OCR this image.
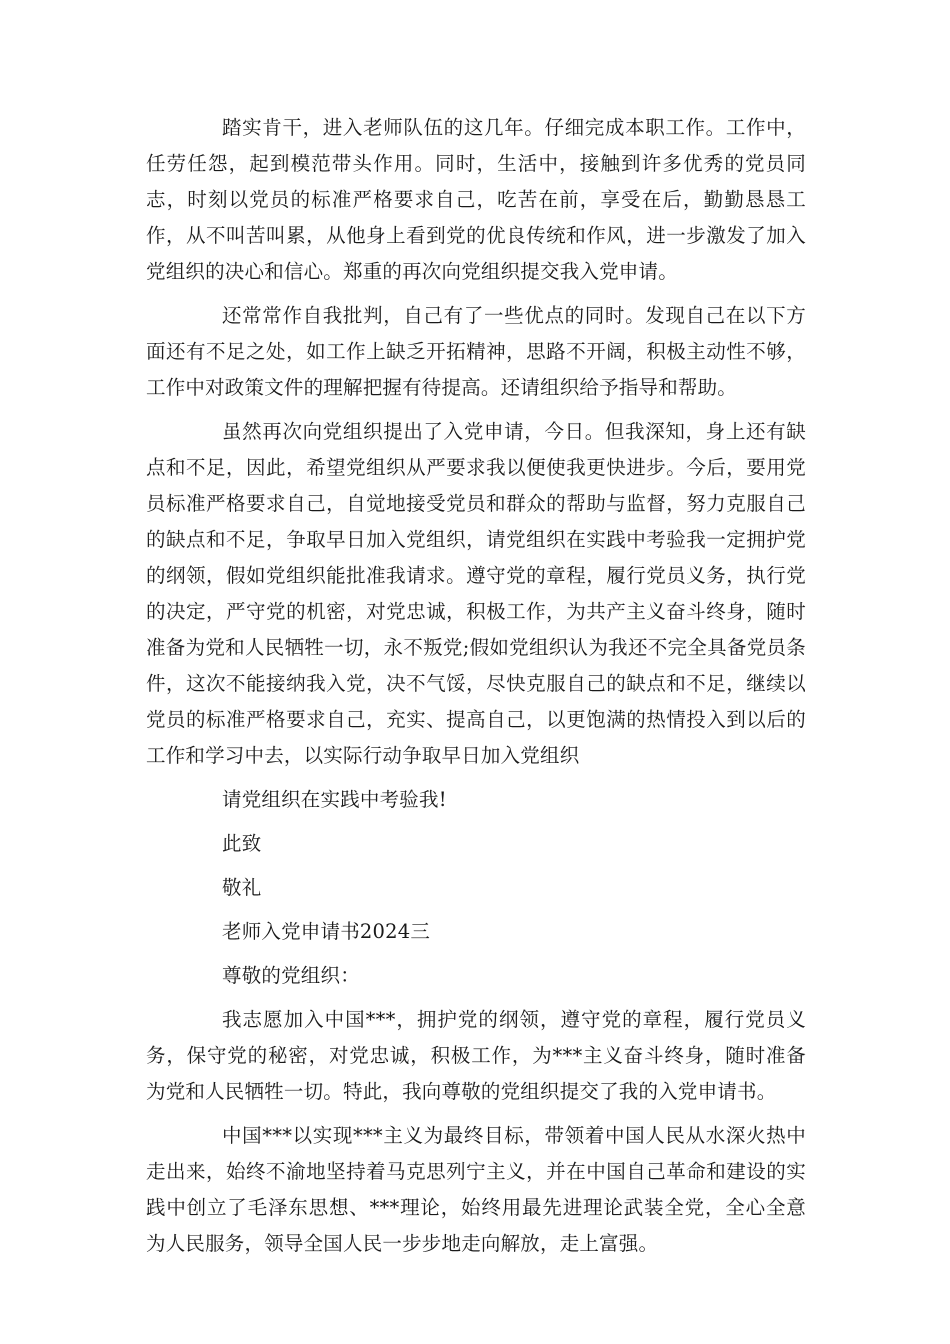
踏实肯干，进入老师队伍的这几年。仔细完成本职工作。工作中，任劳任怨，起到模范带头作用。同时，生活中，接触到许多优秀的党员同志，时刻以党员的标准严格要求自己，吃苦在前，享受在后，勤勤恳恳工作，从不叫苦叫累，从他身上看到党的优良传统和作风，进一步激发了加入党组织的决心和信心。郑重的再次向党组织提交我入党申请。

还常常作自我批判，自己有了一些优点的同时。发现自己在以下方面还有不足之处，如工作上缺乏开拓精神，思路不开阔，积极主动性不够，工作中对政策文件的理解把握有待提高。还请组织给予指导和帮助。

虽然再次向党组织提出了入党申请，今日。但我深知，身上还有缺点和不足，因此，希望党组织从严要求我以便使我更快进步。今后，要用党员标准严格要求自己，自觉地接受党员和群众的帮助与监督，努力克服自己的缺点和不足，争取早日加入党组织，请党组织在实践中考验我一定拥护党的纲领，假如党组织能批准我请求。遵守党的章程，履行党员义务，执行党的决定，严守党的机密，对党忠诚，积极工作，为共产主义奋斗终身，随时准备为党和人民牺牲一切，永不叛党;假如党组织认为我还不完全具备党员条件，这次不能接纳我入党，决不气馁，尽快克服自己的缺点和不足，继续以党员的标准严格要求自己，充实、提高自己，以更饱满的热情投入到以后的工作和学习中去，以实际行动争取早日加入党组织

请党组织在实践中考验我!

此致

敬礼

老师入党申请书2024三

尊敬的党组织：

我志愿加入中国***，拥护党的纲领，遵守党的章程，履行党员义务，保守党的秘密，对党忠诚，积极工作，为***主义奋斗终身，随时准备为党和人民牺牲一切。特此，我向尊敬的党组织提交了我的入党申请书。

中国***以实现***主义为最终目标，带领着中国人民从水深火热中走出来，始终不渝地坚持着马克思列宁主义，并在中国自己革命和建设的实践中创立了毛泽东思想、***理论，始终用最先进理论武装全党，全心全意为人民服务，领导全国人民一步步地走向解放，走上富强。
